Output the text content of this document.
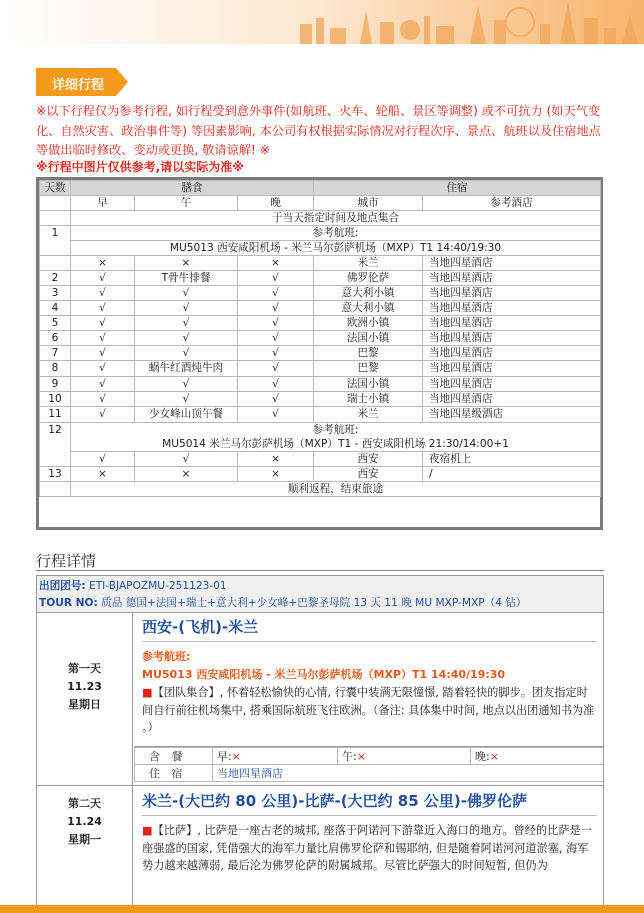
详细行程
※以下行程仅为参考行程, 如行程受到意外事件(如航班、火车、轮船、景区等调整) 或不可抗力 (如天气变化、自然灾害、政治事件等) 等因素影响, 本公司有权根据实际情况对行程次序、景点、航班以及住宿地点等做出临时修改、变动或更换, 敬请谅解! ※
※行程中图片仅供参考,请以实际为准※
天数	膳食			住宿	
	早	午	晚	城市	参考酒店
	于当天指定时间及地点集合				
1	参考航班:				
	MU5013 西安咸阳机场 - 米兰马尔彭萨机场（MXP）T1 14:40/19:30				
	×	×	×	米兰	当地四星酒店
2	√	T骨牛排餐	√	佛罗伦萨	当地四星酒店
3	√	√	√	意大利小镇	当地四星酒店
4	√	√	√	意大利小镇	当地四星酒店
5	√	√	√	欧洲小镇	当地四星酒店
6	√	√	√	法国小镇	当地四星酒店
7	√	√	√	巴黎	当地四星酒店
8	√	蜗牛红酒炖牛肉	√	巴黎	当地四星酒店
9	√	√	√	法国小镇	当地四星酒店
10	√	√	√	瑞士小镇	当地四星酒店
11	√	少女峰山顶午餐	√	米兰	当地四星级酒店
12	参考航班:				
	MU5014 米兰马尔彭萨机场（MXP）T1 - 西安咸阳机场 21:30/14:00+1				
	√	√	×	西安	夜宿机上
13	×	×	×	西安	/
	顺利返程，结束旅途				
行程详情
出团团号: ETI-BJAPOZMU-251123-01
TOUR NO: 质品 德国+法国+瑞士+意大利+少女峰+巴黎圣母院 13 天 11 晚 MU MXP-MXP（4 钻）
第一天
11.23
星期日
西安-(飞机)-米兰
参考航班:
MU5013 西安咸阳机场 - 米兰马尔彭萨机场（MXP）T1 14:40/19:30
■【团队集合】, 怀着轻松愉快的心情, 行囊中装满无限憧憬, 踏着轻快的脚步。团友指定时间自行前往机场集中, 搭乘国际航班飞往欧洲。（备注: 具体集中时间, 地点以出团通知书为准 。）
含 餐	早:×	午:×	晚:×
住 宿	当地四星酒店		
第二天
11.24
星期一
米兰-(大巴约 80 公里)-比萨-(大巴约 85 公里)-佛罗伦萨
■【比萨】, 比萨是一座古老的城邦, 座落于阿诺河下游靠近入海口的地方。曾经的比萨是一座强盛的国家, 凭借强大的海军力量比肩佛罗伦萨和锡耶纳, 但是随着阿诺河河道淤塞, 海军势力越来越薄弱, 最后沦为佛罗伦萨的附属城邦。尽管比萨强大的时间短暂, 但仍为
